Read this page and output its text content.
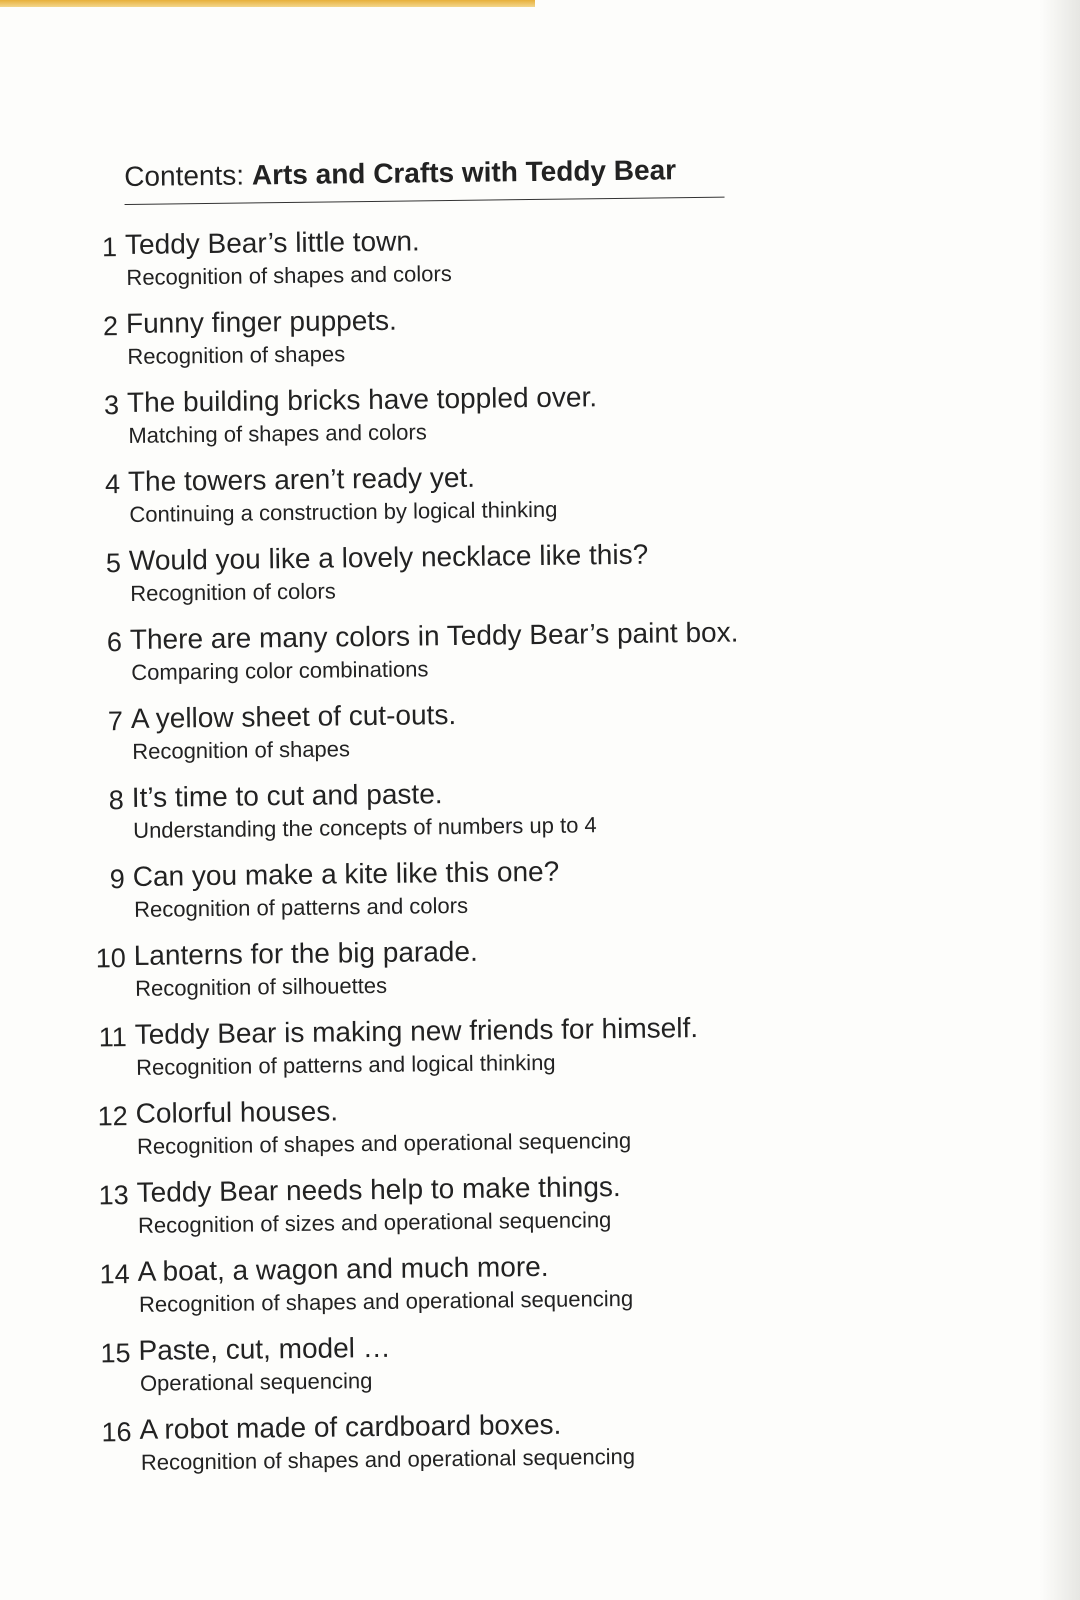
Contents: Arts and Crafts with Teddy Bear
1 Teddy Bear’s little town.
Recognition of shapes and colors
2 Funny finger puppets.
Recognition of shapes
3 The building bricks have toppled over.
Matching of shapes and colors
4 The towers aren’t ready yet.
Continuing a construction by logical thinking
5 Would you like a lovely necklace like this?
Recognition of colors
6 There are many colors in Teddy Bear’s paint box.
Comparing color combinations
7 A yellow sheet of cut-outs.
Recognition of shapes
8 It’s time to cut and paste.
Understanding the concepts of numbers up to 4
9 Can you make a kite like this one?
Recognition of patterns and colors
10 Lanterns for the big parade.
Recognition of silhouettes
11 Teddy Bear is making new friends for himself.
Recognition of patterns and logical thinking
12 Colorful houses.
Recognition of shapes and operational sequencing
13 Teddy Bear needs help to make things.
Recognition of sizes and operational sequencing
14 A boat, a wagon and much more.
Recognition of shapes and operational sequencing
15 Paste, cut, model …
Operational sequencing
16 A robot made of cardboard boxes.
Recognition of shapes and operational sequencing
